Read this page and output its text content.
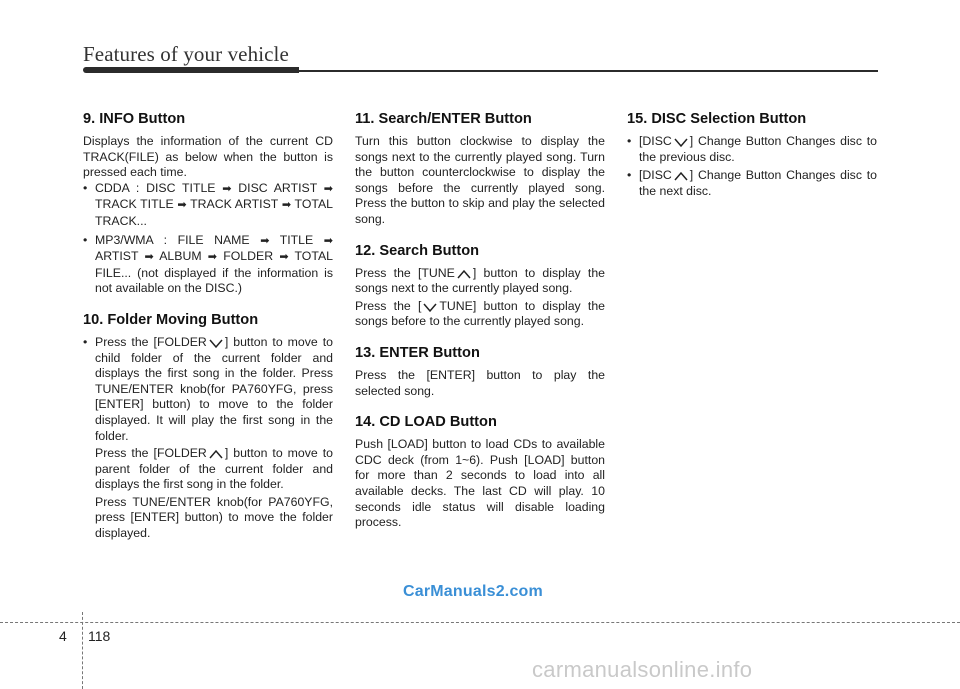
Features of your vehicle
9. INFO Button

Displays the information of the current CD TRACK(FILE) as below when the button is pressed each time.

• CDDA : DISC TITLE ➡ DISC ARTIST ➡ TRACK TITLE ➡ TRACK ARTIST ➡ TOTAL TRACK...
• MP3/WMA : FILE NAME ➡ TITLE ➡ ARTIST ➡ ALBUM ➡ FOLDER ➡ TOTAL FILE... (not displayed if the information is not available on the DISC.)
10. Folder Moving Button
• Press the [FOLDER ] button to move to child folder of the current folder and displays the first song in the folder. Press TUNE/ENTER knob(for PA760YFG, press [ENTER] button) to move to the folder displayed. It will play the first song in the folder.

Press the [FOLDER ] button to move to parent folder of the current folder and displays the first song in the folder.

Press TUNE/ENTER knob(for PA760YFG, press [ENTER] button) to move the folder displayed.

11. Search/ENTER Button

Turn this button clockwise to display the songs next to the currently played song. Turn the button counterclockwise to display the songs before the currently played song. Press the button to skip and play the selected song.

12. Search Button

Press the [TUNE ] button to display the songs next to the currently played song.

Press the [ TUNE] button to display the songs before to the currently played song.

13. ENTER Button

Press the [ENTER] button to play the selected song.

14. CD LOAD Button

Push [LOAD] button to load CDs to available CDC deck (from 1~6). Push [LOAD] button for more than 2 seconds to load into all available decks. The last CD will play. 10 seconds idle status will disable loading process.

15. DISC Selection Button
• [DISC ] Change Button Changes disc to the previous disc.
• [DISC ] Change Button Changes disc to the next disc.
CarManuals2.com
4 118
carmanualsonline.info
